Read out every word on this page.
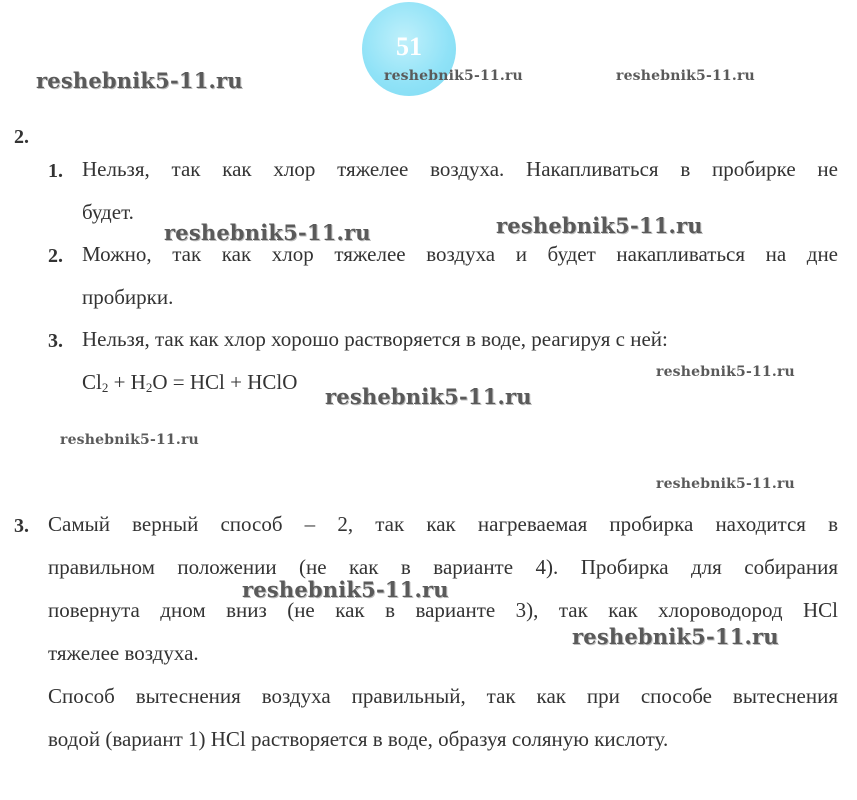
51
2.
1. Нельзя, так как хлор тяжелее воздуха. Накапливаться в пробирке не
будет.
2. Можно, так как хлор тяжелее воздуха и будет накапливаться на дне
пробирки.
3. Нельзя, так как хлор хорошо растворяется в воде, реагируя с ней:
$Cl_2 + H_2O$ = HCl + HClO
3. Самый верный способ – 2, так как нагреваемая пробирка находится в
правильном положении (не как в варианте 4). Пробирка для собирания
повернута дном вниз (не как в варианте 3), так как хлороводород HCl
тяжелее воздуха.
Способ вытеснения воздуха правильный, так как при способе вытеснения
водой (вариант 1) HCl растворяется в воде, образуя соляную кислоту.
reshebnik5-11.ru	reshebnik5-11.ru	reshebnik5-11.ru
reshebnik5-11.ru	reshebnik5-11.ru
reshebnik5-11.ru
reshebnik5-11.ru
reshebnik5-11.ru
reshebnik5-11.ru
reshebnik5-11.ru
reshebnik5-11.ru
